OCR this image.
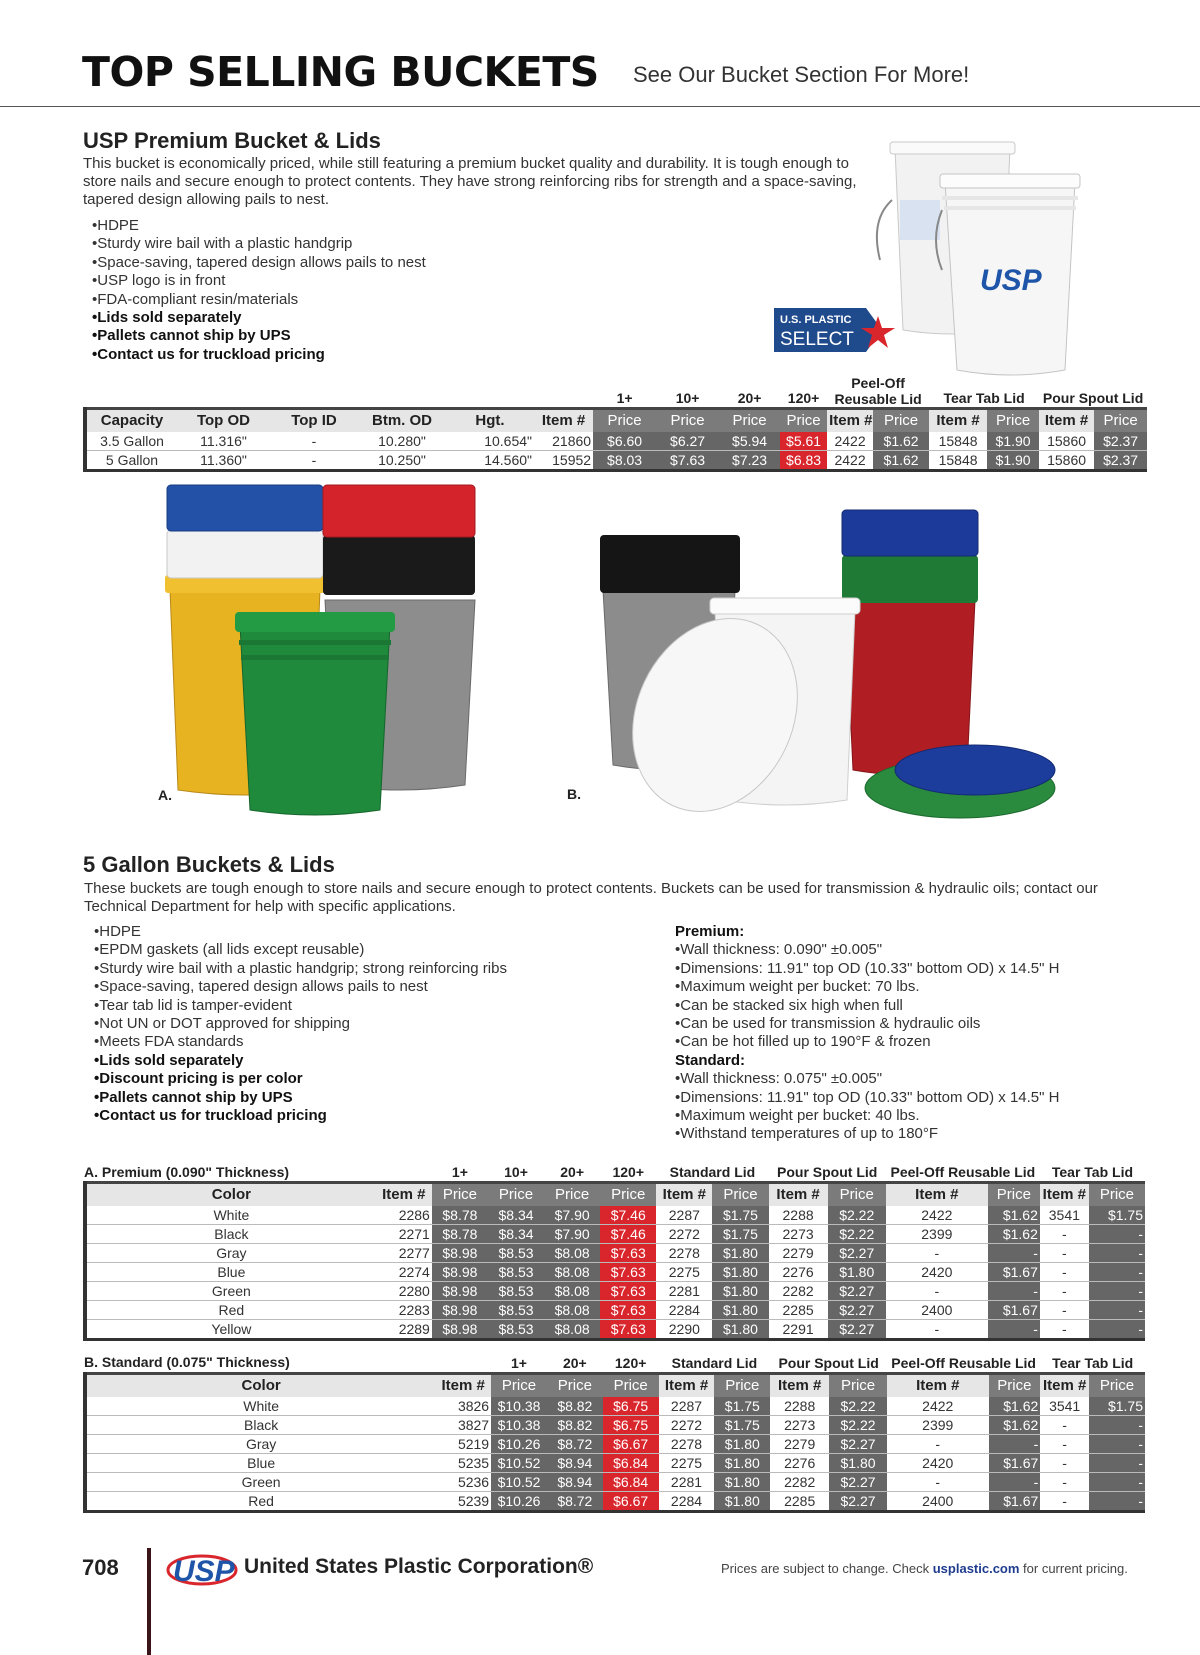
TOP SELLING BUCKETS See Our Bucket Section For More!
USP Premium Bucket & Lids

This bucket is economically priced, while still featuring a premium bucket quality and durability. It is tough enough to store nails and secure enough to protect contents. They have strong reinforcing ribs for strength and a space-saving, tapered design allowing pails to nest.

• HDPE
• Sturdy wire bail with a plastic handgrip
• Space-saving, tapered design allows pails to nest
• USP logo is in front
• FDA-compliant resin/materials
• Lids sold separately
• Pallets cannot ship by UPS
• Contact us for truckload pricing
USP
U.S. PLASTIC
SELECT
						1+	10+	20+	120+	Peel-Off Reusable Lid		Tear Tab Lid		Pour Spout Lid	
Capacity	Top OD	Top ID	Btm. OD	Hgt.	Item #	Price	Price	Price	Price	Item #	Price	Item #	Price	Item #	Price
3.5 Gallon	11.316"	-	10.280"	10.654"	21860	$6.60	$6.27	$5.94	$5.61	2422	$1.62	15848	$1.90	15860	$2.37
5 Gallon	11.360"	-	10.250"	14.560"	15952	$8.03	$7.63	$7.23	$6.83	2422	$1.62	15848	$1.90	15860	$2.37
A.	B.
5 Gallon Buckets & Lids

These buckets are tough enough to store nails and secure enough to protect contents. Buckets can be used for transmission & hydraulic oils; contact our Technical Department for help with specific applications.

• HDPE
• EPDM gaskets (all lids except reusable)
• Sturdy wire bail with a plastic handgrip; strong reinforcing ribs
• Space-saving, tapered design allows pails to nest
• Tear tab lid is tamper-evident
• Not UN or DOT approved for shipping
• Meets FDA standards
• Lids sold separately
• Discount pricing is per color
• Pallets cannot ship by UPS
• Contact us for truckload pricing
Premium:
• Wall thickness: 0.090" ±0.005"
• Dimensions: 11.91" top OD (10.33" bottom OD) x 14.5" H
• Maximum weight per bucket: 70 lbs.
• Can be stacked six high when full
• Can be used for transmission & hydraulic oils
• Can be hot filled up to 190°F & frozen
Standard:
• Wall thickness: 0.075" ±0.005"
• Dimensions: 11.91" top OD (10.33" bottom OD) x 14.5" H
• Maximum weight per bucket: 40 lbs.
• Withstand temperatures of up to 180°F
A. Premium (0.090" Thickness)
		1+	10+	20+	120+	Standard Lid		Pour Spout Lid		Peel-Off Reusable Lid		Tear Tab Lid	
Color	Item #	Price	Price	Price	Price	Item #	Price	Item #	Price	Item #	Price	Item #	Price
White	2286	$8.78	$8.34	$7.90	$7.46	2287	$1.75	2288	$2.22	2422	$1.62	3541	$1.75
Black	2271	$8.78	$8.34	$7.90	$7.46	2272	$1.75	2273	$2.22	2399	$1.62	-	-
Gray	2277	$8.98	$8.53	$8.08	$7.63	2278	$1.80	2279	$2.27	-	-	-	-
Blue	2274	$8.98	$8.53	$8.08	$7.63	2275	$1.80	2276	$1.80	2420	$1.67	-	-
Green	2280	$8.98	$8.53	$8.08	$7.63	2281	$1.80	2282	$2.27	-	-	-	-
Red	2283	$8.98	$8.53	$8.08	$7.63	2284	$1.80	2285	$2.27	2400	$1.67	-	-
Yellow	2289	$8.98	$8.53	$8.08	$7.63	2290	$1.80	2291	$2.27	-	-	-	-
B. Standard (0.075" Thickness)
		1+	20+	120+	Standard Lid		Pour Spout Lid		Peel-Off Reusable Lid		Tear Tab Lid	
Color	Item #	Price	Price	Price	Item #	Price	Item #	Price	Item #	Price	Item #	Price
White	3826	$10.38	$8.82	$6.75	2287	$1.75	2288	$2.22	2422	$1.62	3541	$1.75
Black	3827	$10.38	$8.82	$6.75	2272	$1.75	2273	$2.22	2399	$1.62	-	-
Gray	5219	$10.26	$8.72	$6.67	2278	$1.80	2279	$2.27	-	-	-	-
Blue	5235	$10.52	$8.94	$6.84	2275	$1.80	2276	$1.80	2420	$1.67	-	-
Green	5236	$10.52	$8.94	$6.84	2281	$1.80	2282	$2.27	-	-	-	-
Red	5239	$10.26	$8.72	$6.67	2284	$1.80	2285	$2.27	2400	$1.67	-	-
708 USP United States Plastic Corporation®	Prices are subject to change. Check usplastic.com for current pricing.
